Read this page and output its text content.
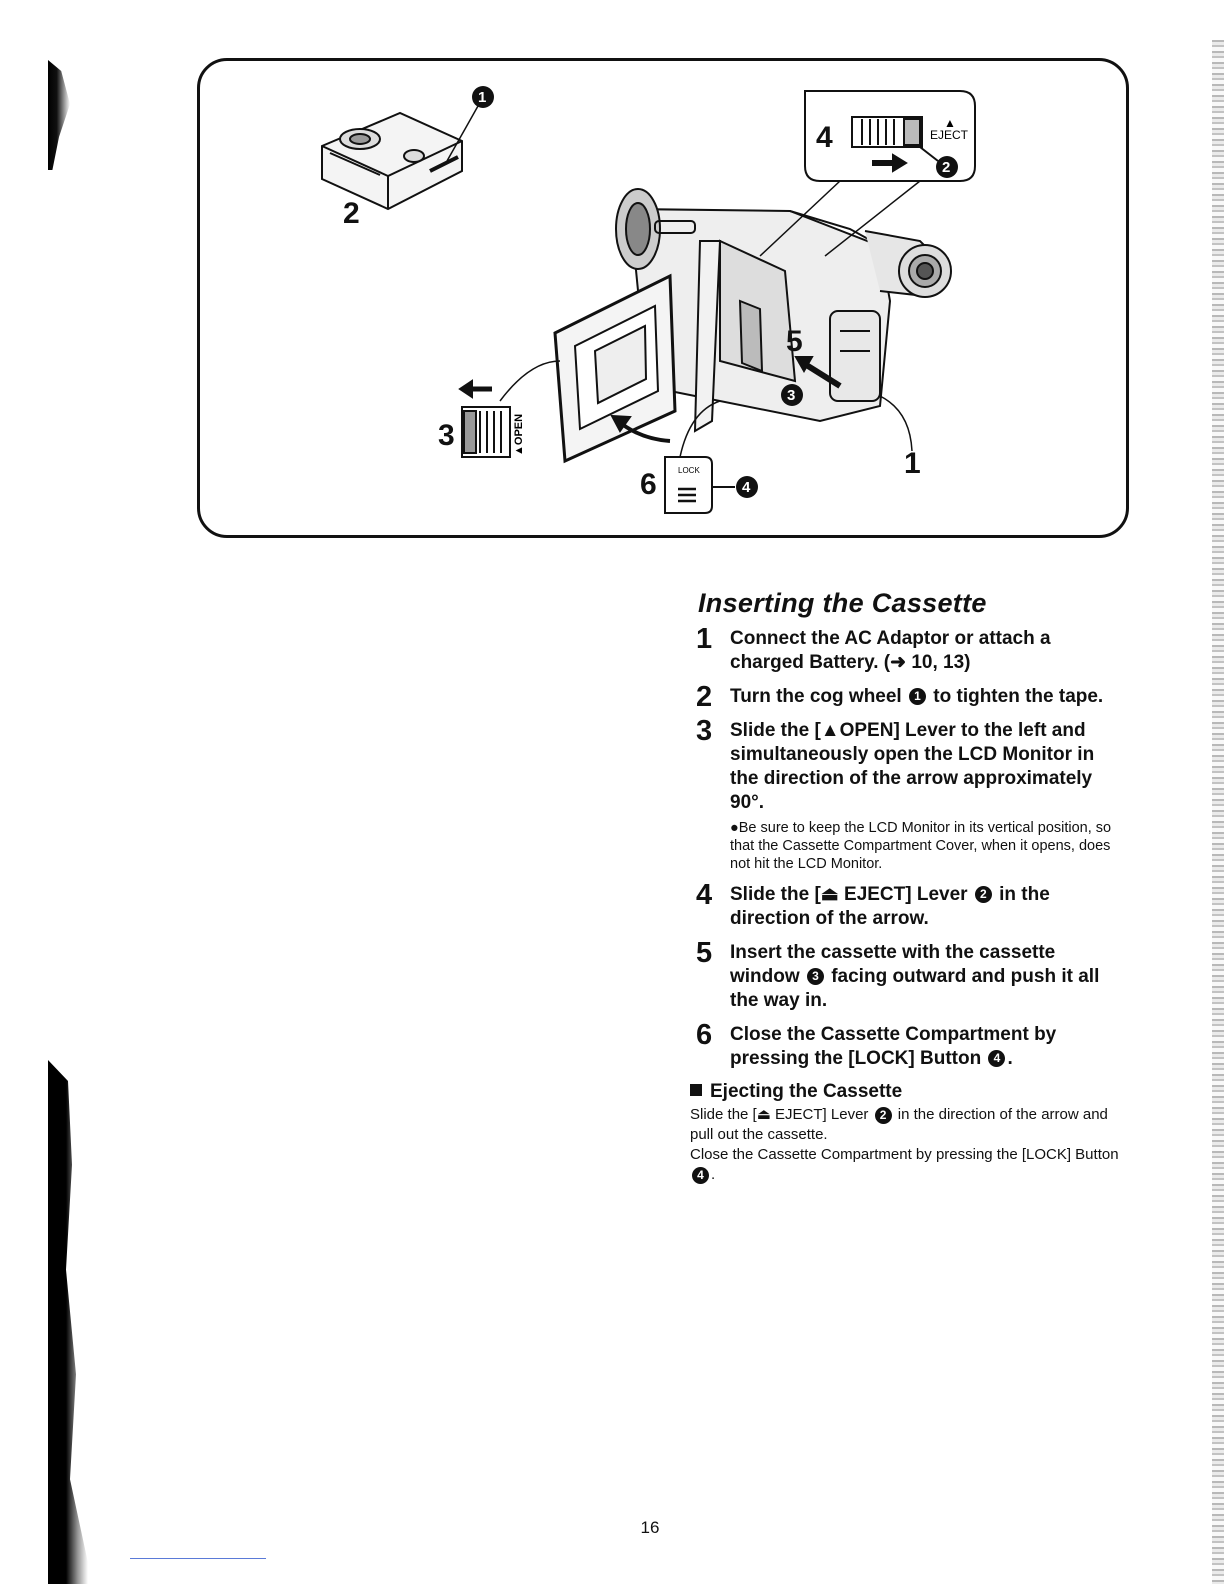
EJECT
▲
▲OPEN
LOCK
2
3
4
5
6
1
1
2
3
4
Inserting the Cassette
1 Connect the AC Adaptor or attach a charged Battery. (➜ 10, 13)
2 Turn the cog wheel 1 to tighten the tape.
3 Slide the [▲OPEN] Lever to the left and simultaneously open the LCD Monitor in the direction of the arrow approximately 90°.
●Be sure to keep the LCD Monitor in its vertical position, so that the Cassette Compartment Cover, when it opens, does not hit the LCD Monitor.
4 Slide the [⏏ EJECT] Lever 2 in the direction of the arrow.
5 Insert the cassette with the cassette window 3 facing outward and push it all the way in.
6 Close the Cassette Compartment by pressing the [LOCK] Button 4 .
Ejecting the Cassette

Slide the [⏏ EJECT] Lever 2 in the direction of the arrow and pull out the cassette.

Close the Cassette Compartment by pressing the [LOCK] Button 4 .

16
